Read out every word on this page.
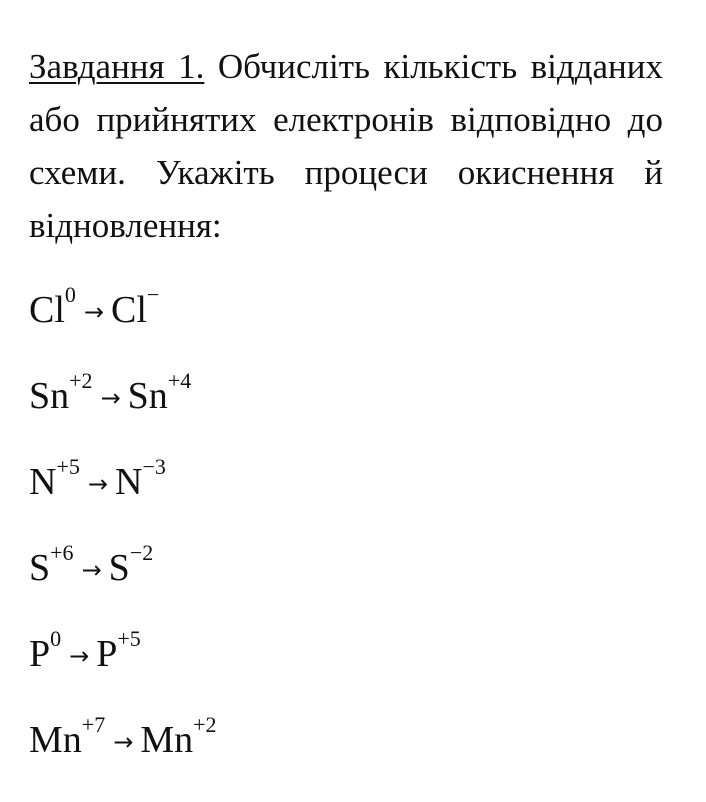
Завдання 1. Обчисліть кількість відданих або прийнятих електронів відповідно до схеми. Укажіть процеси окиснення й відновлення:

$Cl^0\to Cl^-$
$Sn^{+2}\to Sn^{+4}$
$N^{+5}\to N^{-3}$
$S^{+6}\to S^{-2}$
$P^0\to P^{+5}$
$Mn^{+7}\to Mn^{+2}$
